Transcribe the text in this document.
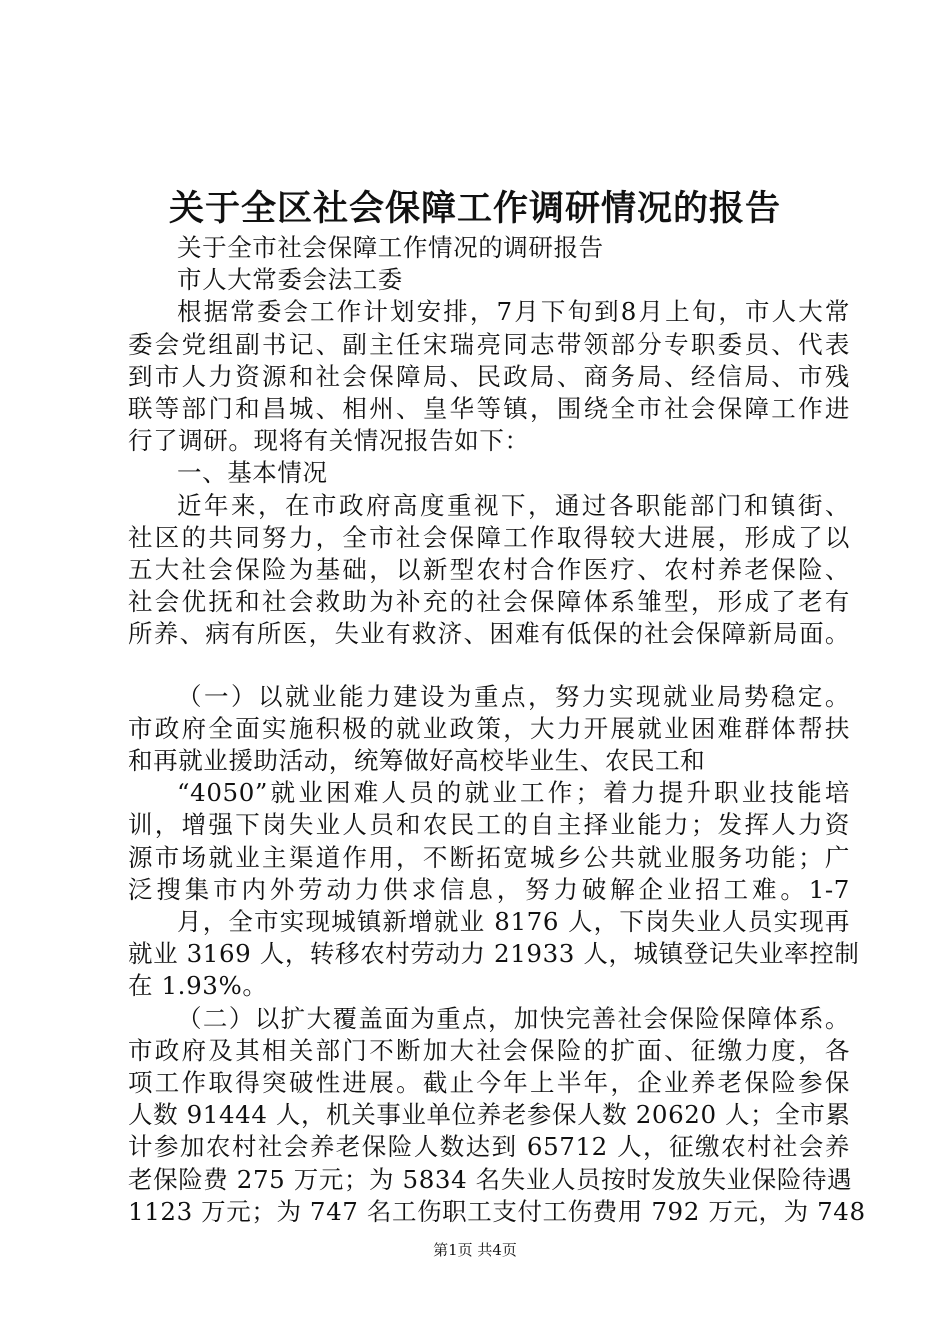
关于全区社会保障工作调研情况的报告
关于全市社会保障工作情况的调研报告
市人大常委会法工委
根据常委会工作计划安排，7月下旬到8月上旬，市人大常
委会党组副书记、副主任宋瑞亮同志带领部分专职委员、代表
到市人力资源和社会保障局、民政局、商务局、经信局、市残
联等部门和昌城、相州、皇华等镇，围绕全市社会保障工作进
行了调研。现将有关情况报告如下：
一、基本情况
近年来，在市政府高度重视下，通过各职能部门和镇街、
社区的共同努力，全市社会保障工作取得较大进展，形成了以
五大社会保险为基础，以新型农村合作医疗、农村养老保险、
社会优抚和社会救助为补充的社会保障体系雏型，形成了老有
所养、病有所医，失业有救济、困难有低保的社会保障新局面。
（一）以就业能力建设为重点，努力实现就业局势稳定。
市政府全面实施积极的就业政策，大力开展就业困难群体帮扶
和再就业援助活动，统筹做好高校毕业生、农民工和
“4050”就业困难人员的就业工作；着力提升职业技能培
训，增强下岗失业人员和农民工的自主择业能力；发挥人力资
源市场就业主渠道作用，不断拓宽城乡公共就业服务功能；广
泛搜集市内外劳动力供求信息，努力破解企业招工难。1-7
月，全市实现城镇新增就业 8176 人，下岗失业人员实现再
就业 3169 人，转移农村劳动力 21933 人，城镇登记失业率控制
在 1.93%。
（二）以扩大覆盖面为重点，加快完善社会保险保障体系。
市政府及其相关部门不断加大社会保险的扩面、征缴力度，各
项工作取得突破性进展。截止今年上半年，企业养老保险参保
人数 91444 人，机关事业单位养老参保人数 20620 人；全市累
计参加农村社会养老保险人数达到 65712 人，征缴农村社会养
老保险费 275 万元；为 5834 名失业人员按时发放失业保险待遇
1123 万元；为 747 名工伤职工支付工伤费用 792 万元，为 748
第1页 共4页
